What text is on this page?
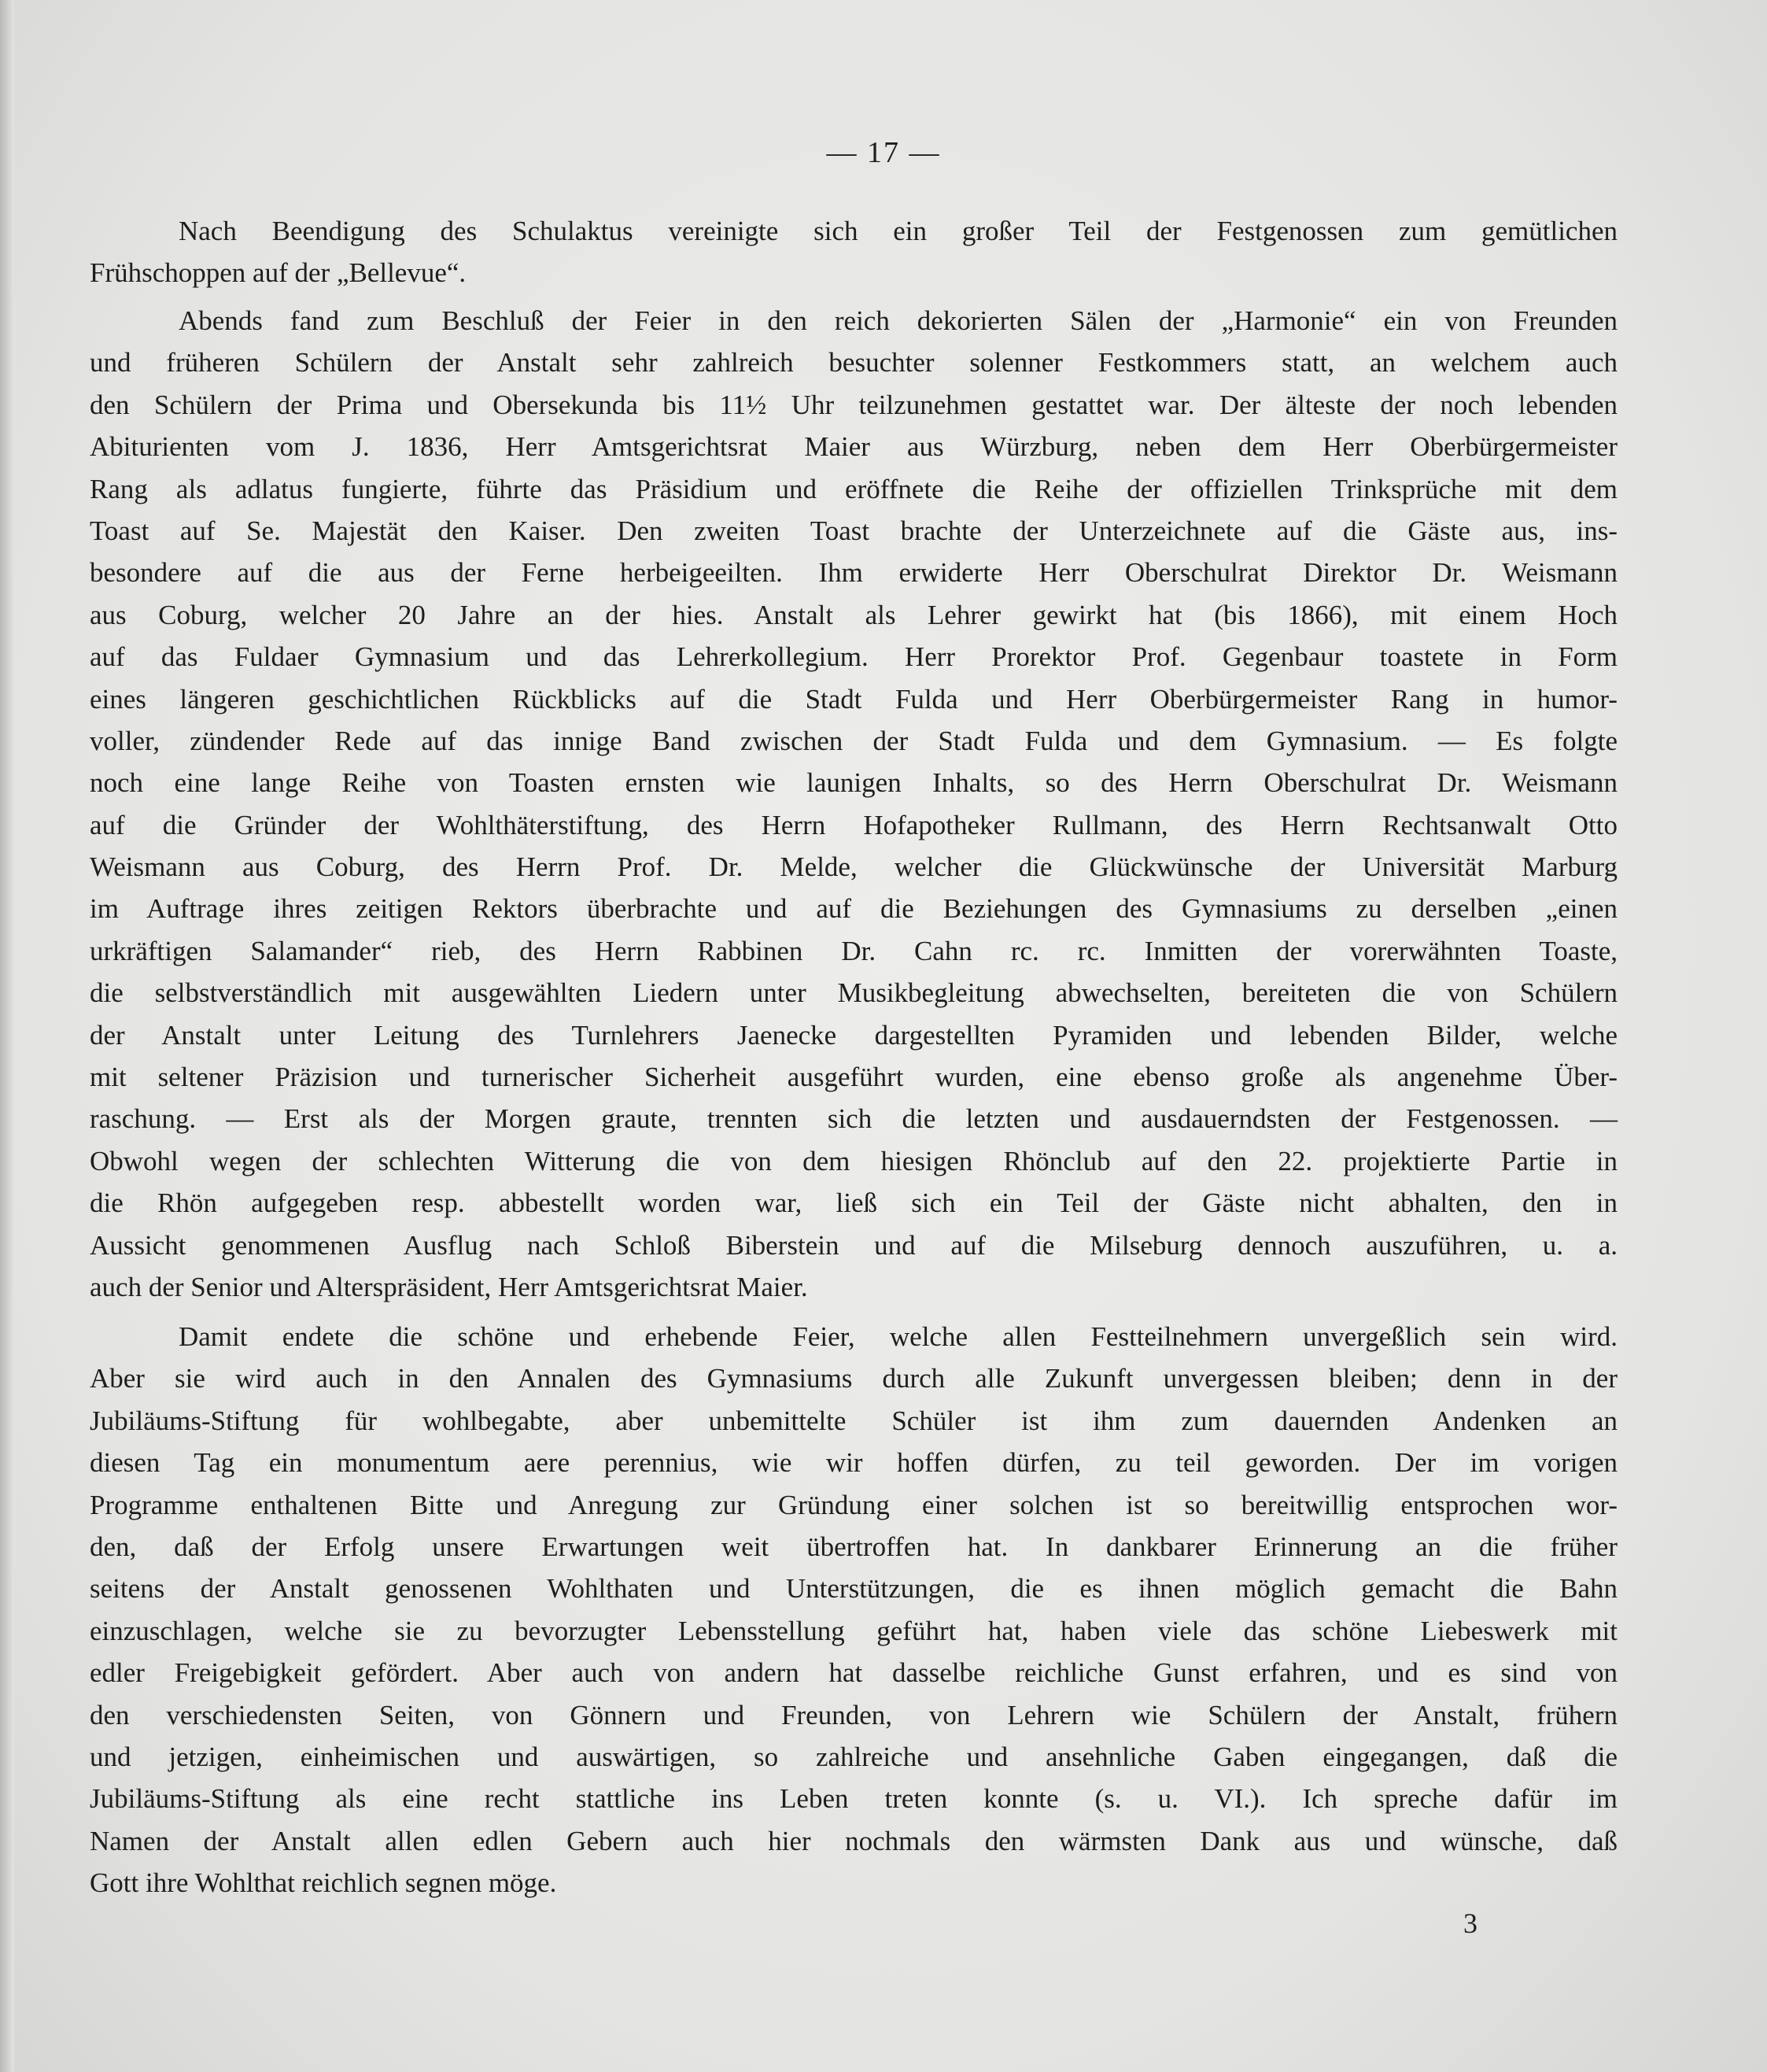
— 17 —
Nach Beendigung des Schulaktus vereinigte sich ein großer Teil der Festgenossen zum gemütlichen
Frühschoppen auf der „Bellevue“.
Abends fand zum Beschluß der Feier in den reich dekorierten Sälen der „Harmonie“ ein von Freunden
und früheren Schülern der Anstalt sehr zahlreich besuchter solenner Festkommers statt, an welchem auch
den Schülern der Prima und Obersekunda bis 11½ Uhr teilzunehmen gestattet war. Der älteste der noch lebenden
Abiturienten vom J. 1836, Herr Amtsgerichtsrat Maier aus Würzburg, neben dem Herr Oberbürgermeister
Rang als adlatus fungierte, führte das Präsidium und eröffnete die Reihe der offiziellen Trinksprüche mit dem
Toast auf Se. Majestät den Kaiser. Den zweiten Toast brachte der Unterzeichnete auf die Gäste aus, ins-
besondere auf die aus der Ferne herbeigeeilten. Ihm erwiderte Herr Oberschulrat Direktor Dr. Weismann
aus Coburg, welcher 20 Jahre an der hies. Anstalt als Lehrer gewirkt hat (bis 1866), mit einem Hoch
auf das Fuldaer Gymnasium und das Lehrerkollegium. Herr Prorektor Prof. Gegenbaur toastete in Form
eines längeren geschichtlichen Rückblicks auf die Stadt Fulda und Herr Oberbürgermeister Rang in humor-
voller, zündender Rede auf das innige Band zwischen der Stadt Fulda und dem Gymnasium. — Es folgte
noch eine lange Reihe von Toasten ernsten wie launigen Inhalts, so des Herrn Oberschulrat Dr. Weismann
auf die Gründer der Wohlthäterstiftung, des Herrn Hofapotheker Rullmann, des Herrn Rechtsanwalt Otto
Weismann aus Coburg, des Herrn Prof. Dr. Melde, welcher die Glückwünsche der Universität Marburg
im Auftrage ihres zeitigen Rektors überbrachte und auf die Beziehungen des Gymnasiums zu derselben „einen
urkräftigen Salamander“ rieb, des Herrn Rabbinen Dr. Cahn rc. rc. Inmitten der vorerwähnten Toaste,
die selbstverständlich mit ausgewählten Liedern unter Musikbegleitung abwechselten, bereiteten die von Schülern
der Anstalt unter Leitung des Turnlehrers Jaenecke dargestellten Pyramiden und lebenden Bilder, welche
mit seltener Präzision und turnerischer Sicherheit ausgeführt wurden, eine ebenso große als angenehme Über-
raschung. — Erst als der Morgen graute, trennten sich die letzten und ausdauerndsten der Festgenossen. —
Obwohl wegen der schlechten Witterung die von dem hiesigen Rhönclub auf den 22. projektierte Partie in
die Rhön aufgegeben resp. abbestellt worden war, ließ sich ein Teil der Gäste nicht abhalten, den in
Aussicht genommenen Ausflug nach Schloß Biberstein und auf die Milseburg dennoch auszuführen, u. a.
auch der Senior und Alterspräsident, Herr Amtsgerichtsrat Maier.
Damit endete die schöne und erhebende Feier, welche allen Festteilnehmern unvergeßlich sein wird.
Aber sie wird auch in den Annalen des Gymnasiums durch alle Zukunft unvergessen bleiben; denn in der
Jubiläums-Stiftung für wohlbegabte, aber unbemittelte Schüler ist ihm zum dauernden Andenken an
diesen Tag ein monumentum aere perennius, wie wir hoffen dürfen, zu teil geworden. Der im vorigen
Programme enthaltenen Bitte und Anregung zur Gründung einer solchen ist so bereitwillig entsprochen wor-
den, daß der Erfolg unsere Erwartungen weit übertroffen hat. In dankbarer Erinnerung an die früher
seitens der Anstalt genossenen Wohlthaten und Unterstützungen, die es ihnen möglich gemacht die Bahn
einzuschlagen, welche sie zu bevorzugter Lebensstellung geführt hat, haben viele das schöne Liebeswerk mit
edler Freigebigkeit gefördert. Aber auch von andern hat dasselbe reichliche Gunst erfahren, und es sind von
den verschiedensten Seiten, von Gönnern und Freunden, von Lehrern wie Schülern der Anstalt, frühern
und jetzigen, einheimischen und auswärtigen, so zahlreiche und ansehnliche Gaben eingegangen, daß die
Jubiläums-Stiftung als eine recht stattliche ins Leben treten konnte (s. u. VI.). Ich spreche dafür im
Namen der Anstalt allen edlen Gebern auch hier nochmals den wärmsten Dank aus und wünsche, daß
Gott ihre Wohlthat reichlich segnen möge.
3
